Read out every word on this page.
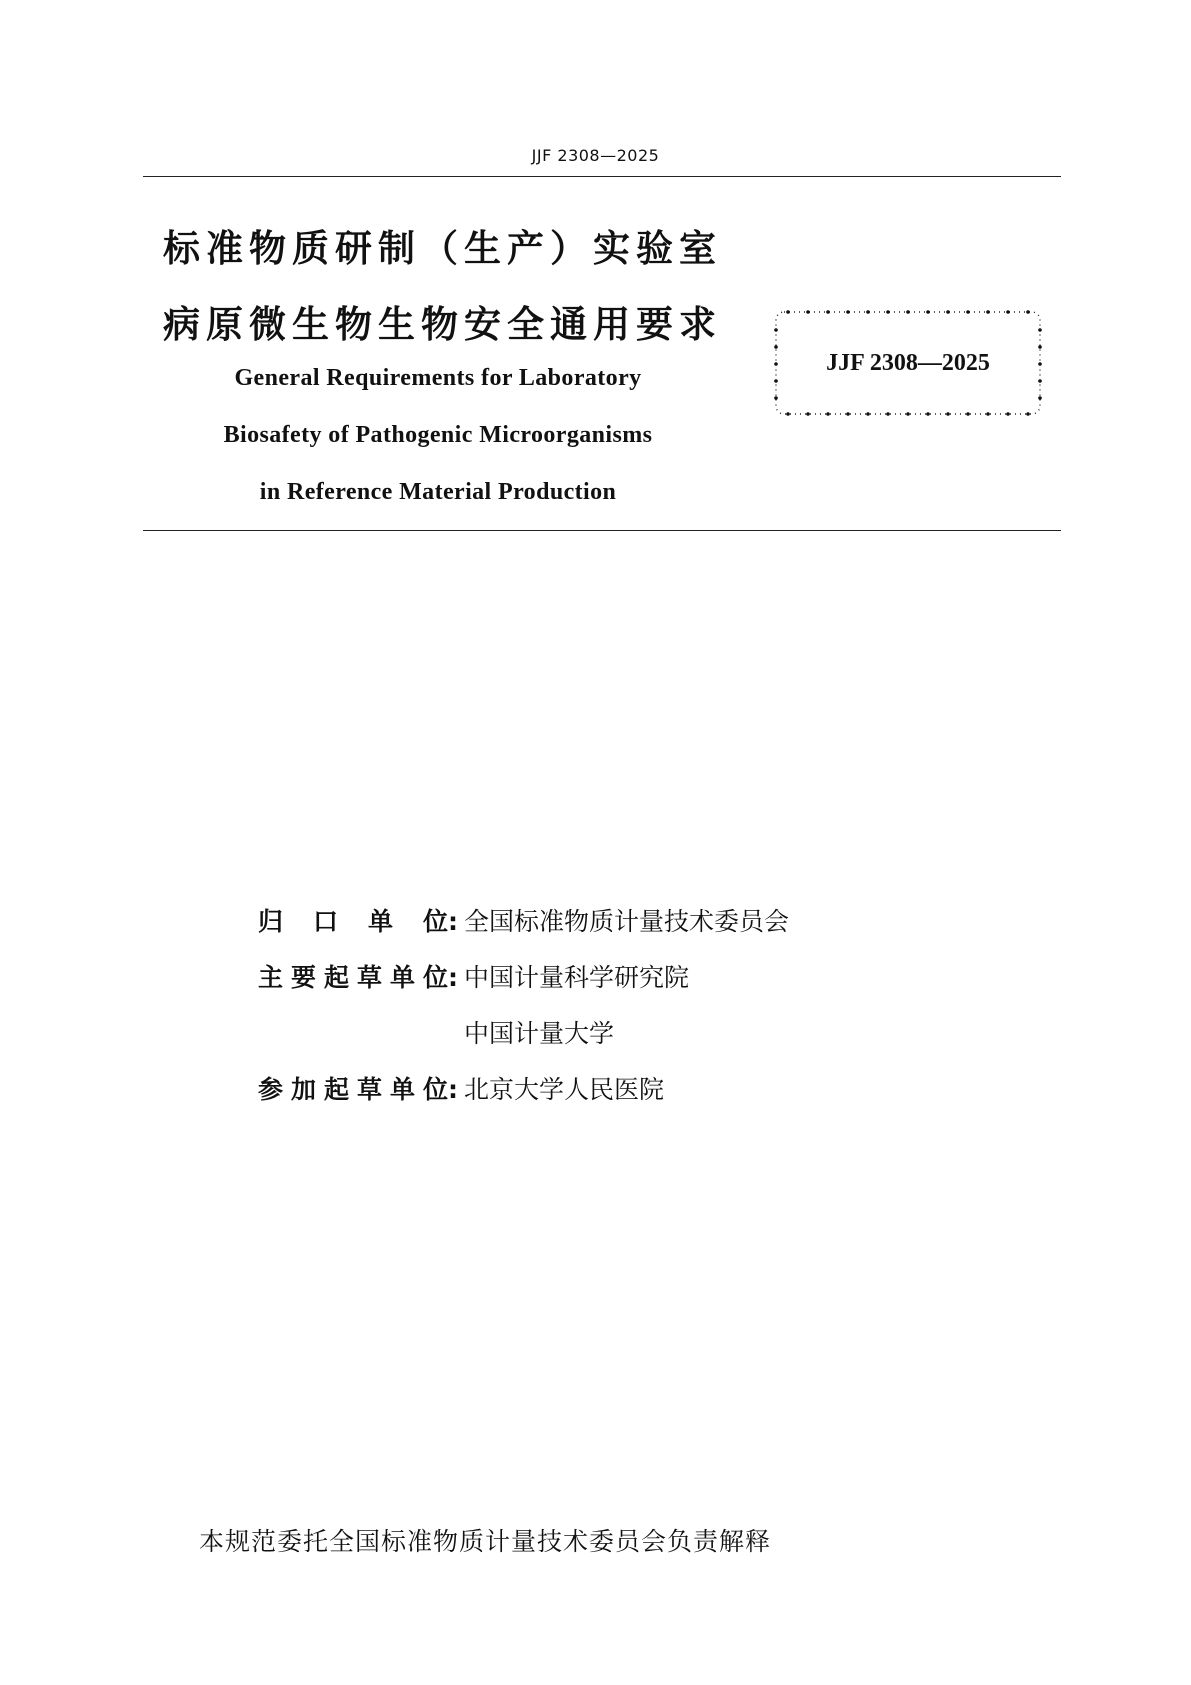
JJF 2308—2025
标准物质研制（生产）实验室
病原微生物生物安全通用要求
General Requirements for Laboratory
Biosafety of Pathogenic Microorganisms
in Reference Material Production
JJF 2308—2025
归口单位: 全国标准物质计量技术委员会
主要起草单位: 中国计量科学研究院
中国计量大学
参加起草单位: 北京大学人民医院
本规范委托全国标准物质计量技术委员会负责解释
